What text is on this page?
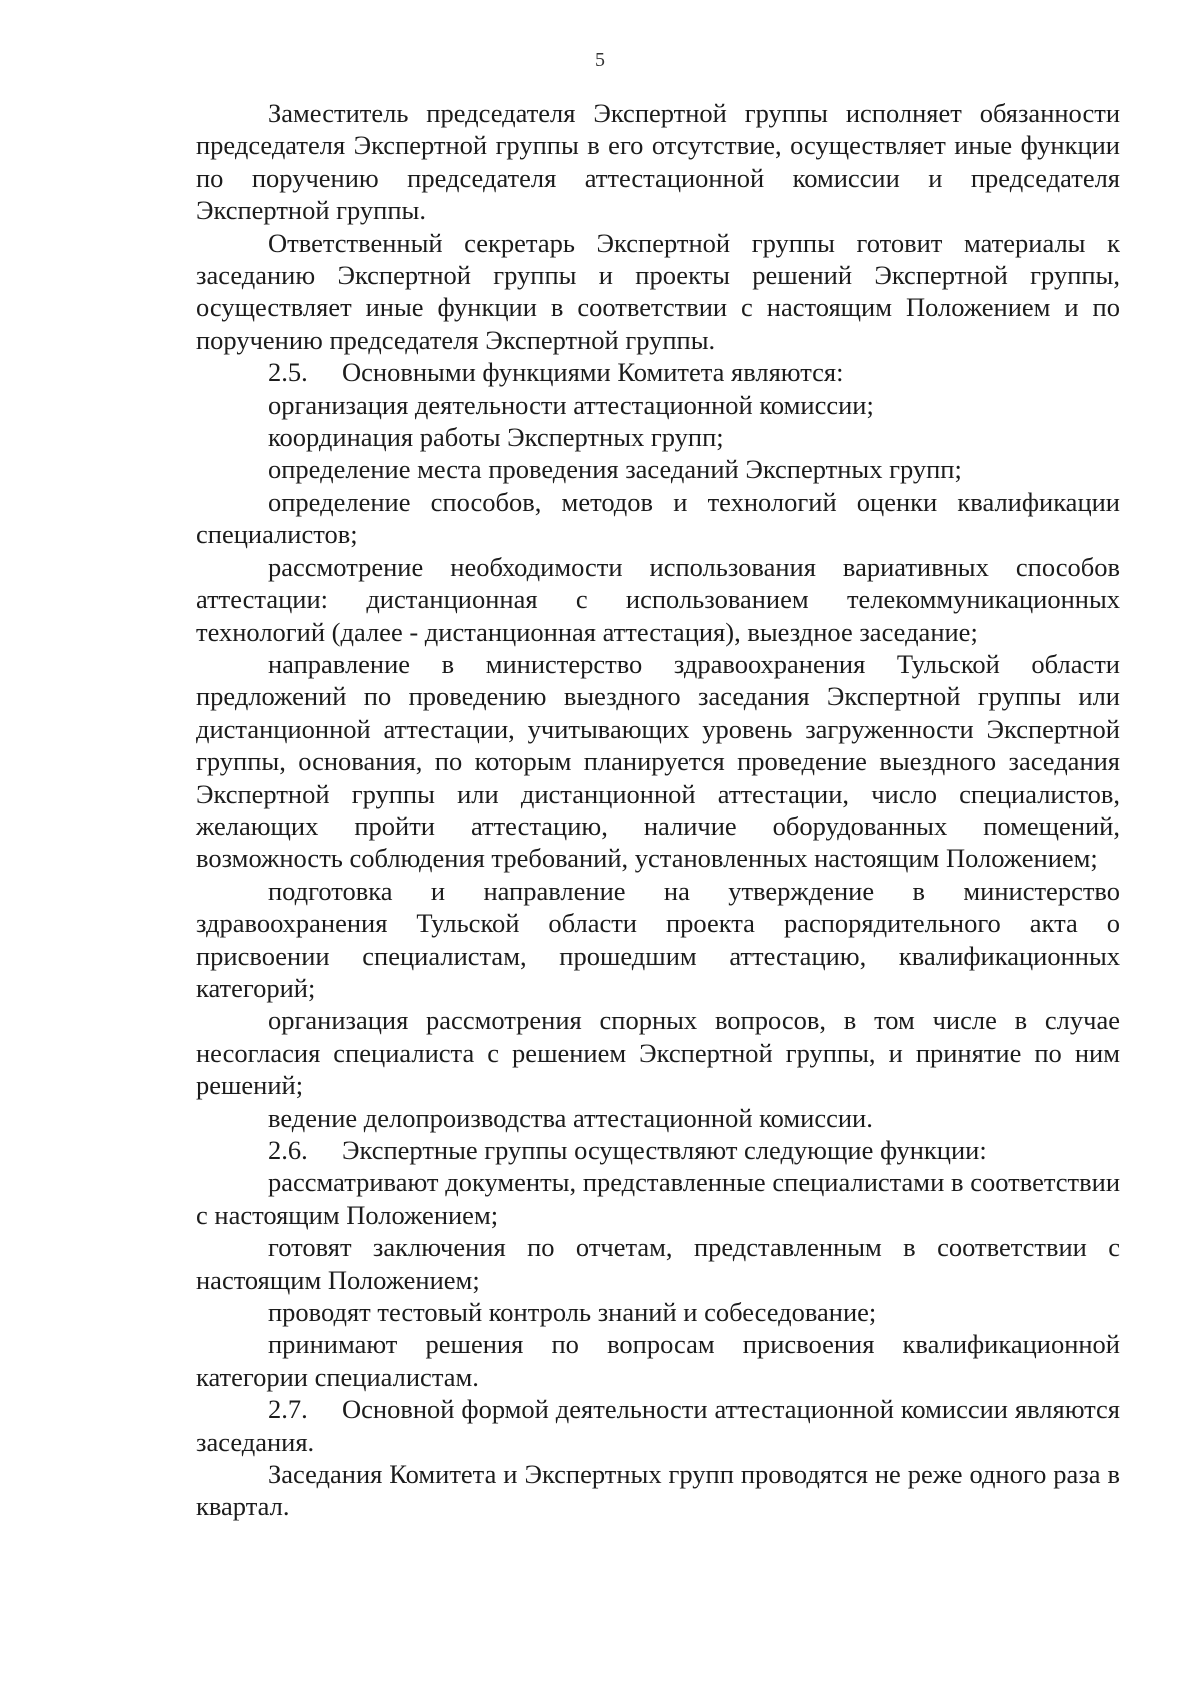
5

Заместитель председателя Экспертной группы исполняет обязанности председателя Экспертной группы в его отсутствие, осуществляет иные функции по поручению председателя аттестационной комиссии и председателя Экспертной группы.

Ответственный секретарь Экспертной группы готовит материалы к заседанию Экспертной группы и проекты решений Экспертной группы, осуществляет иные функции в соответствии с настоящим Положением и по поручению председателя Экспертной группы.

2.5. Основными функциями Комитета являются:

организация деятельности аттестационной комиссии;

координация работы Экспертных групп;

определение места проведения заседаний Экспертных групп;

определение способов, методов и технологий оценки квалификации специалистов;

рассмотрение необходимости использования вариативных способов аттестации: дистанционная с использованием телекоммуникационных технологий (далее - дистанционная аттестация), выездное заседание;

направление в министерство здравоохранения Тульской области предложений по проведению выездного заседания Экспертной группы или дистанционной аттестации, учитывающих уровень загруженности Экспертной группы, основания, по которым планируется проведение выездного заседания Экспертной группы или дистанционной аттестации, число специалистов, желающих пройти аттестацию, наличие оборудованных помещений, возможность соблюдения требований, установленных настоящим Положением;

подготовка и направление на утверждение в министерство здравоохранения Тульской области проекта распорядительного акта о присвоении специалистам, прошедшим аттестацию, квалификационных категорий;

организация рассмотрения спорных вопросов, в том числе в случае несогласия специалиста с решением Экспертной группы, и принятие по ним решений;

ведение делопроизводства аттестационной комиссии.

2.6. Экспертные группы осуществляют следующие функции:

рассматривают документы, представленные специалистами в соответствии с настоящим Положением;

готовят заключения по отчетам, представленным в соответствии с настоящим Положением;

проводят тестовый контроль знаний и собеседование;

принимают решения по вопросам присвоения квалификационной категории специалистам.

2.7. Основной формой деятельности аттестационной комиссии являются заседания.

Заседания Комитета и Экспертных групп проводятся не реже одного раза в квартал.
